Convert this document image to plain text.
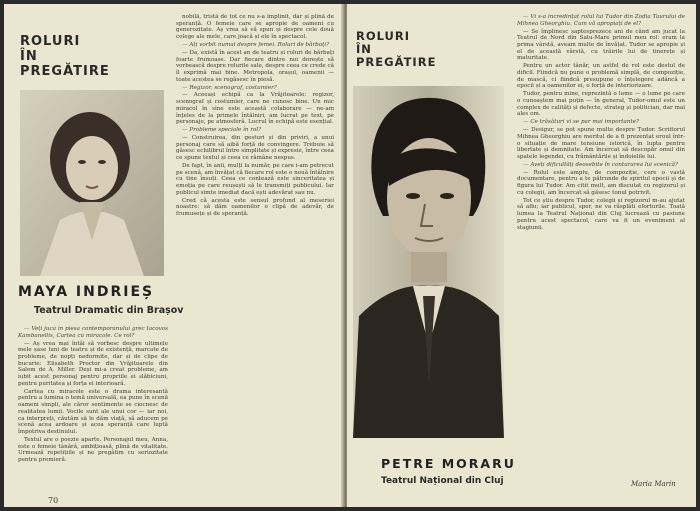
ROLURI
ÎN
PREGĂTIRE
MAYA INDRIEȘ
Teatrul Dramatic din Brașov

— Veți juca în piesa contemporanului grec Iacovos Kambanellis, Cartea cu miracole. Ce rol?

— Aș vrea mai întâi să vorbesc despre ultimele mele șase luni de teatru și de existență, marcate de probleme, de nopți nedormite, dar și de clipe de bucurie: Elisabeth Proctor din Vrăjitoarele din Salem de A. Miller. Deși mi-a creat probleme, am iubit acest personaj pentru propriile ei slăbiciuni, pentru puritatea și forța ei interioară.

Cartea cu miracole este o drama interesantă pentru a lumina o temă universală, ea pune în scenă oameni simpli, ale căror sentimente se ciocnesc de realitatea lumii. Vocile sunt ale unui cor — iar noi, ca interpreți, căutăm să le dăm viață, să aducem pe scenă acea ardoare și acea speranță care luptă împotriva destinului.

Textul are o poezie aparte. Personajul meu, Anna, este o femeie tânără, ambițioasă, plină de vitalitate. Urmează repetițiile și ne pregătim cu seriozitate pentru premieră.

nobilă, tristă de tot ce nu s-a împlinit, dar și plină de speranță. O femeie care se apropie de oameni cu generozitate. Aș vrea să vă spun și despre cele două colege ale mele, care joacă și ele în spectacol.

— Ați vorbit numai despre femei. Roluri de bărbați?

— Da, există în acest an de teatru și roluri de bărbați foarte frumoase. Dar fiecare dintre noi dorește să vorbească despre rolurile sale, despre ceea ce crede că îl exprimă mai bine. Metropola, orașul, oamenii — toate acestea se regăsesc în piesă.

— Regizor, scenograf, costumier?

— Aceeași echipă ca la Vrăjitoarele: regizor, scenograf și costumier, care ne cunosc bine. Un mic miracol în sine este această colaborare — ne-am înțeles de la primele întâlniri, am lucrat pe text, pe personaje, pe atmosferă. Lucrul în echipă este esențial.

— Probleme speciale în rol?

— Construirea, din gesturi și din priviri, a unui personaj care să aibă forță de convingere. Trebuie să găsesc echilibrul între simplitate și expresie, între ceea ce spune textul și ceea ce rămâne nespus.

De fapt, în anii, mulți la număr, pe care i-am petrecut pe scenă, am învățat că fiecare rol este o nouă întâlnire cu tine însuți. Ceea ce contează este sinceritatea și emoția pe care reușești să le transmiți publicului. Iar publicul simte imediat dacă ești adevărat sau nu.

Cred că acesta este sensul profund al meseriei noastre: să dăm oamenilor o clipă de adevăr, de frumusețe și de speranță.

70
ROLURI
ÎN
PREGĂTIRE
PETRE MORARU
Teatrul Național din Cluj

— Vi s-a încredințat rolul lui Tudor din Zodia Taurului de Mihnea Gheorghiu. Cum vă apropiați de el?

— Se împlinesc șaptesprezece ani de când am jucat la Teatrul de Nord din Satu-Mare primul meu rol: eram la prima vârstă, aveam multe de învățat. Tudor se apropie și el de această vârstă, cu trăirile lui de tinerețe și maturitate.

Pentru un actor tânăr, un astfel de rol este destul de dificil. Fiindcă nu pune o problemă simplă, de compoziție, de mască, ci fiindcă presupune o înțelegere adâncă a epocii și a oamenilor ei, o forță de interiorizare.

Tudor, pentru mine, reprezintă o lume — o lume pe care o cunoaștem mai puțin — în general, Tudor-omul este un complex de calități și defecte, strateg și politician, dar mai ales om.

— Ce trăsături vi se par mai importante?

— Desigur, se pot spune multe despre Tudor. Scriitorul Mihnea Gheorghiu are meritul de a fi prezentat eroul într-o situație de mare tensiune istorică, în lupta pentru libertate și demnitate. Am încercat să descopăr omul din spatele legendei, cu frământările și îndoielile lui.

— Aveți dificultăți deosebite în conturarea lui scenică?

— Rolul este amplu, de compoziție, cere o vastă documentare, pentru a te pătrunde de spiritul epocii și de figura lui Tudor. Am citit mult, am discutat cu regizorul și cu colegii, am încercat să găsesc tonul potrivit.

Tot ce știu despre Tudor, colegii și regizorul m-au ajutat să aflu; iar publicul, sper, ne va răsplăti eforturile. Toată lumea la Teatrul Național din Cluj lucrează cu pasiune pentru acest spectacol, care va fi un eveniment al stagiunii.

Maria Marin
